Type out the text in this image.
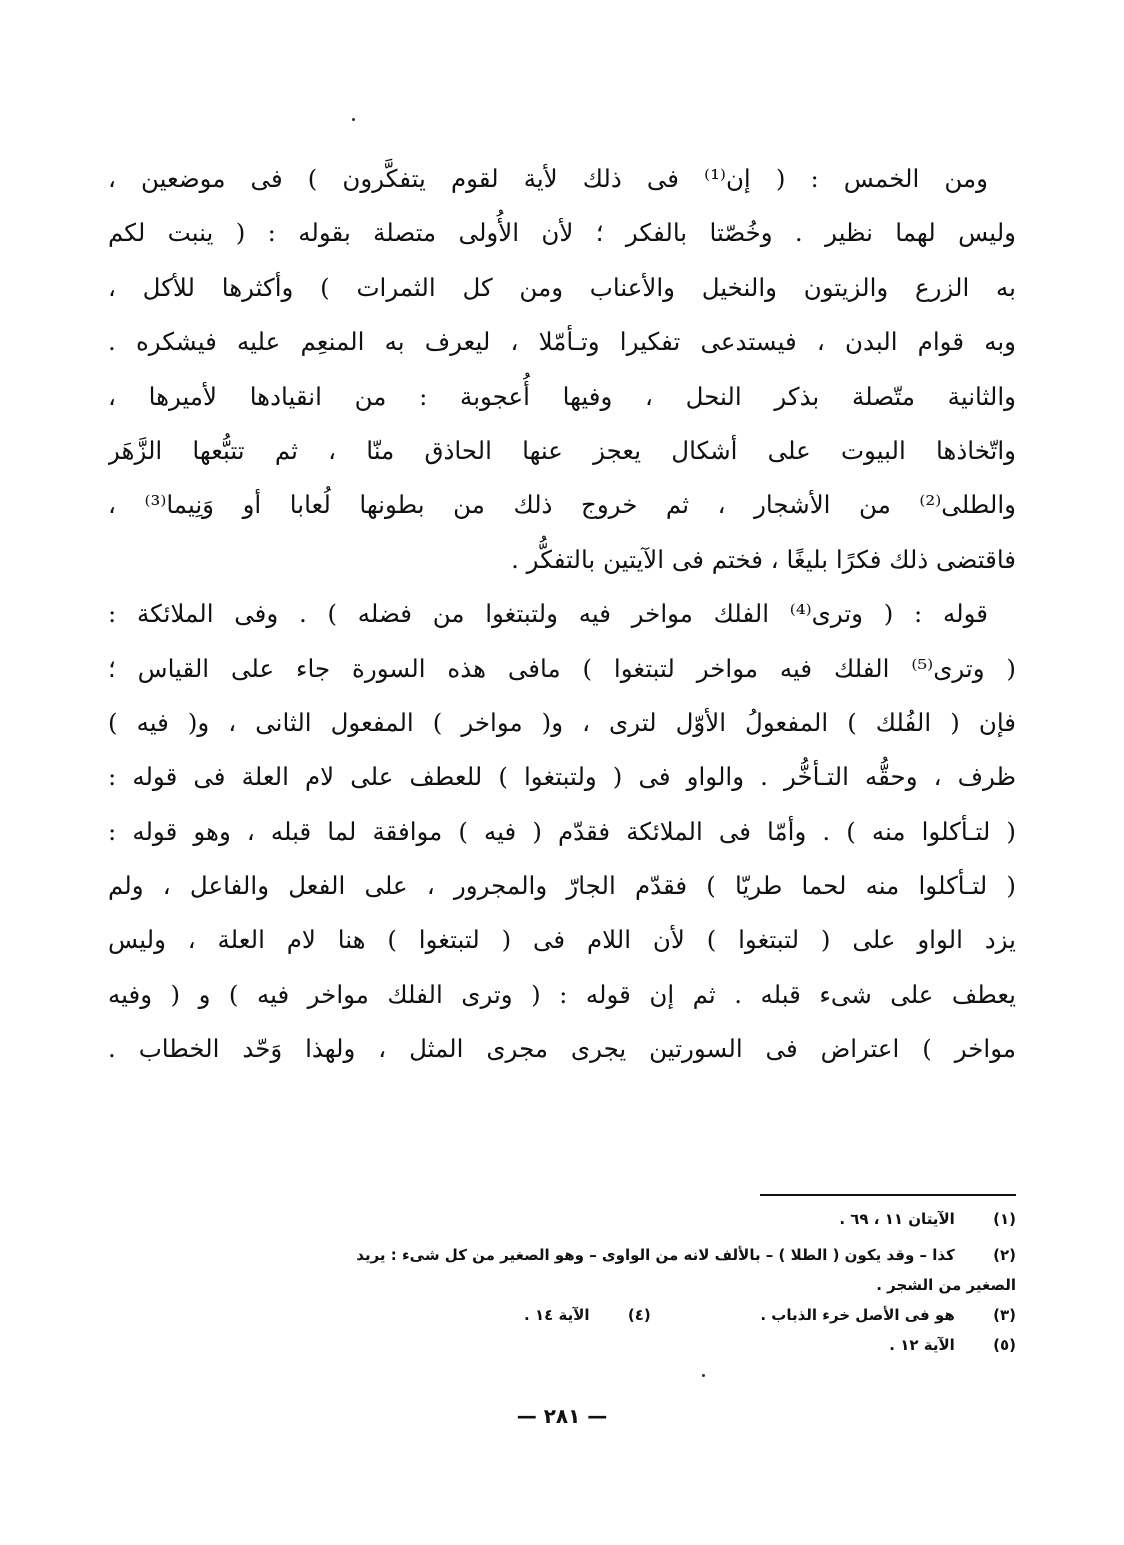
ومن الخمس : ( إن⁽¹⁾ فى ذلك لأية لقوم يتفكَّرون ) فى موضعين ،
وليس لهما نظير . وخُصّتا بالفكر ؛ لأن الأُولى متصلة بقوله : ( ينبت لكم
به الزرع والزيتون والنخيل والأعناب ومن كل الثمرات ) وأكثرها للأكل ،
وبه قوام البدن ، فيستدعى تفكيرا وتـأمّلا ، ليعرف به المنعِم عليه فيشكره .
والثانية متّصلة بذكر النحل ، وفيها أُعجوبة : من انقيادها لأميرها ،
واتّخاذها البيوت على أشكال يعجز عنها الحاذق منّا ، ثم تتبُّعها الزَّهَر
والطلى⁽²⁾ من الأشجار ، ثم خروج ذلك من بطونها لُعابا أو وَنِيما⁽³⁾ ،
فاقتضى ذلك فكرًا بليغًا ، فختم فى الآيتين بالتفكُّر .
قوله : ( وترى⁽⁴⁾ الفلك مواخر فيه ولتبتغوا من فضله ) . وفى الملائكة :
( وترى⁽⁵⁾ الفلك فيه مواخر لتبتغوا ) مافى هذه السورة جاء على القياس ؛
فإن ( الفُلك ) المفعولُ الأوّل لترى ، و( مواخر ) المفعول الثانى ، و( فيه )
ظرف ، وحقُّه التـأخُّر . والواو فى ( ولتبتغوا ) للعطف على لام العلة فى قوله :
( لتـأكلوا منه ) . وأمّا فى الملائكة فقدّم ( فيه ) موافقة لما قبله ، وهو قوله :
( لتـأكلوا منه لحما طريّا ) فقدّم الجارّ والمجرور ، على الفعل والفاعل ، ولم
يزد الواو على ( لتبتغوا ) لأن اللام فى ( لتبتغوا ) هنا لام العلة ، وليس
يعطف على شىء قبله . ثم إن قوله : ( وترى الفلك مواخر فيه ) و ( وفيه
مواخر ) اعتراض فى السورتين يجرى مجرى المثل ، ولهذا وَحّد الخطاب .
(١) الآيتان ١١ ، ٦٩ .
(٢) كذا – وقد يكون ( الطلا ) – بالألف لانه من الواوى – وهو الصغير من كل شىء : يريد
الصغير من الشجر .
(٣) هو فى الأصل خرء الذباب . (٤) الآية ١٤ .
(٥) الآية ١٢ .
— ٢٨١ —
